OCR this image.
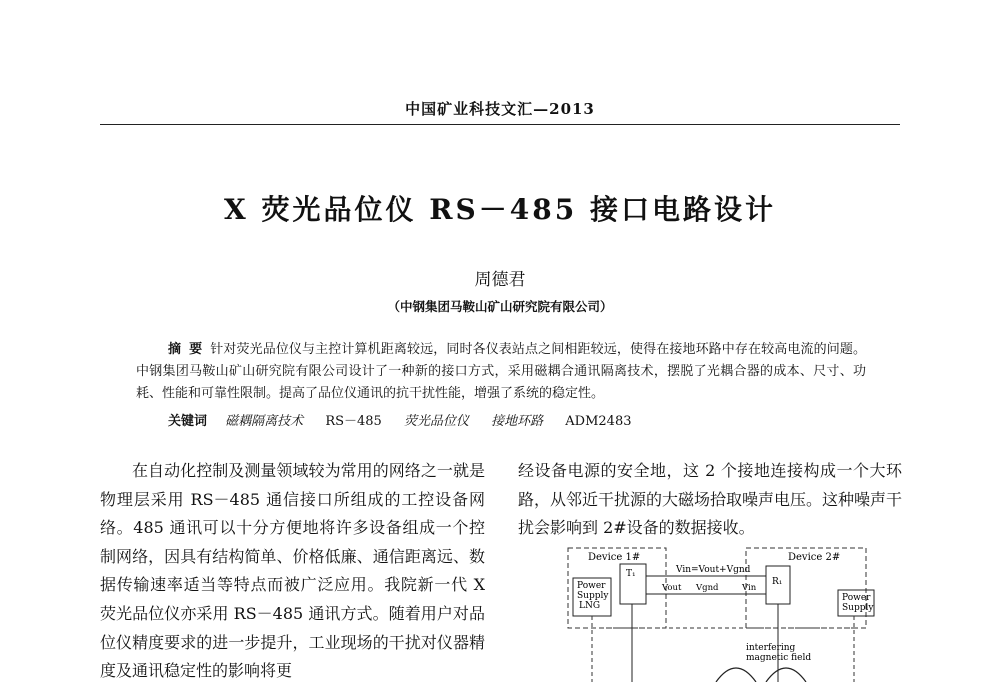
中国矿业科技文汇—2013
X 荧光品位仪 RS－485 接口电路设计
周德君
（中钢集团马鞍山矿山研究院有限公司）
摘要针对荧光品位仪与主控计算机距离较远，同时各仪表站点之间相距较远，使得在接地环路中存在较高电流的问题。中钢集团马鞍山矿山研究院有限公司设计了一种新的接口方式，采用磁耦合通讯隔离技术，摆脱了光耦合器的成本、尺寸、功耗、性能和可靠性限制。提高了品位仪通讯的抗干扰性能，增强了系统的稳定性。
关键词 磁耦隔离技术 RS－485 荧光品位仪 接地环路 ADM2483
在自动化控制及测量领域较为常用的网络之一就是物理层采用 RS－485 通信接口所组成的工控设备网络。485 通讯可以十分方便地将许多设备组成一个控制网络，因具有结构简单、价格低廉、通信距离远、数据传输速率适当等特点而被广泛应用。我院新一代 X 荧光品位仪亦采用 RS－485 通讯方式。随着用户对品位仪精度要求的进一步提升，工业现场的干扰对仪器精度及通讯稳定性的影响将更
经设备电源的安全地，这 2 个接地连接构成一个大环路，从邻近干扰源的大磁场拾取噪声电压。这种噪声干扰会影响到 2#设备的数据接收。
Device 1#	Device 2#
T₁
R₁
Power
Supply
LNG
Power
Supply
Vin=Vout+Vgnd
Vout Vgnd	Vin
interfering
magnetic field
